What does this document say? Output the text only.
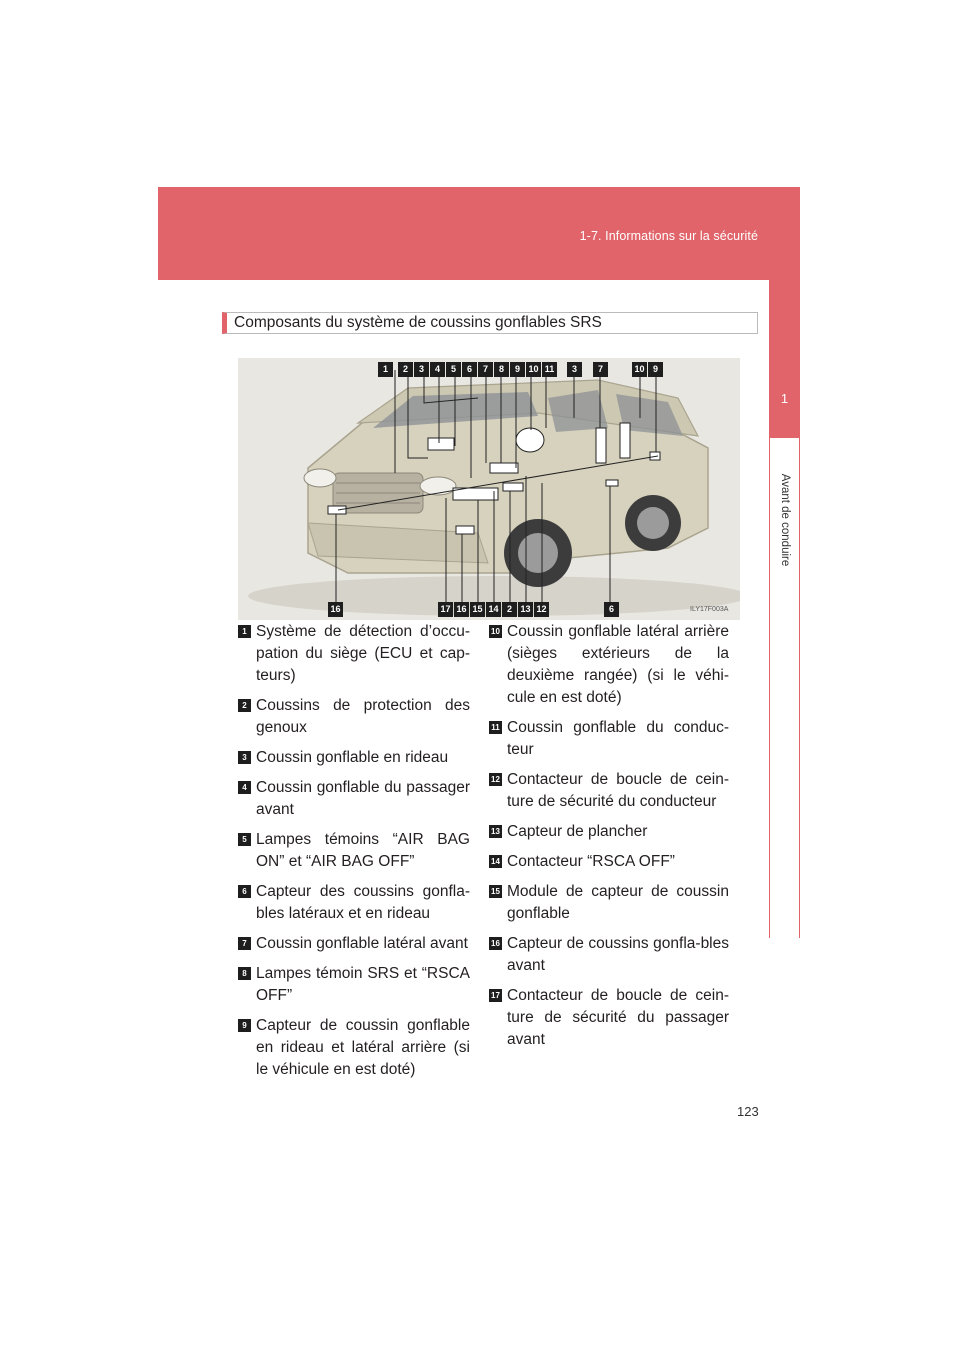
1-7. Informations sur la sécurité
1
Avant de conduire
Composants du système de coussins gonflables SRS
1	2	3	4	5	6	7	8	9 10 11	3	7	10 9
16	17 16 15 14 2 13 12	6	ILY17F003A
1 Système de détection d’occu-pation du siège (ECU et cap-teurs)
2 Coussins de protection des genoux
3 Coussin gonflable en rideau
4 Coussin gonflable du passager avant
5 Lampes témoins “AIR BAG ON” et “AIR BAG OFF”
6 Capteur des coussins gonfla-bles latéraux et en rideau
7 Coussin gonflable latéral avant
8 Lampes témoin SRS et “RSCA OFF”
9 Capteur de coussin gonflable en rideau et latéral arrière (si le véhicule en est doté)
10 Coussin gonflable latéral arrière (sièges extérieurs de la deuxième rangée) (si le véhi-cule en est doté)
11 Coussin gonflable du conduc-teur
12 Contacteur de boucle de cein-ture de sécurité du conducteur
13 Capteur de plancher
14 Contacteur “RSCA OFF”
15 Module de capteur de coussin gonflable
16 Capteur de coussins gonfla-bles avant
17 Contacteur de boucle de cein-ture de sécurité du passager avant
123
